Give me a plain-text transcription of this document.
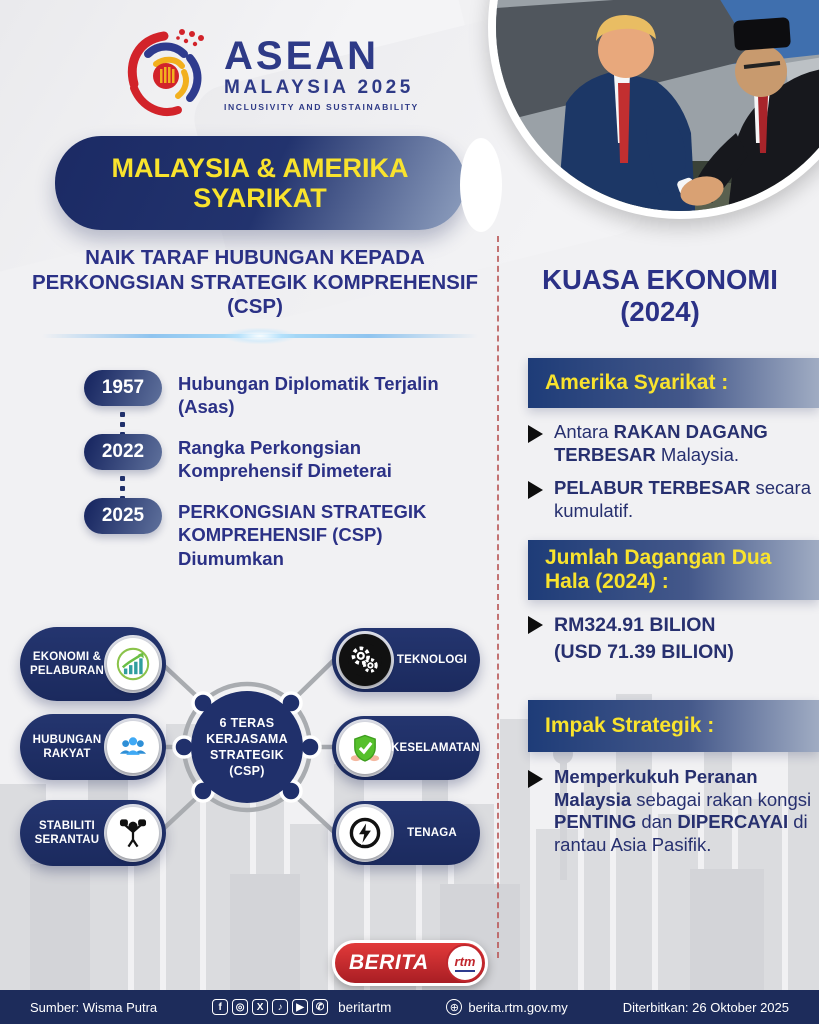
ASEAN
MALAYSIA 2025
INCLUSIVITY AND SUSTAINABILITY
MALAYSIA & AMERIKA SYARIKAT
NAIK TARAF HUBUNGAN KEPADA PERKONGSIAN STRATEGIK KOMPREHENSIF (CSP)
1957	Hubungan Diplomatik Terjalin (Asas)
2022	Rangka Perkongsian Komprehensif Dimeterai
2025	PERKONGSIAN STRATEGIK KOMPREHENSIF (CSP) Diumumkan
6 TERAS KERJASAMA STRATEGIK (CSP)
EKONOMI & PELABURAN
HUBUNGAN RAKYAT
STABILITI SERANTAU
TEKNOLOGI
KESELAMATAN
TENAGA
KUASA EKONOMI (2024)
Amerika Syarikat :
Antara RAKAN DAGANG TERBESAR Malaysia.
PELABUR TERBESAR secara kumulatif.
Jumlah Dagangan Dua Hala (2024) :
RM324.91 BILION
(USD 71.39 BILION)
Impak Strategik :
Memperkukuh Peranan Malaysia sebagai rakan kongsi PENTING dan DIPERCAYAI di rantau Asia Pasifik.
BERITA rtm
Sumber: Wisma Putra	f	◎	X	♪	▶	✆ beritartm	⊕ berita.rtm.gov.my	Diterbitkan: 26 Oktober 2025
